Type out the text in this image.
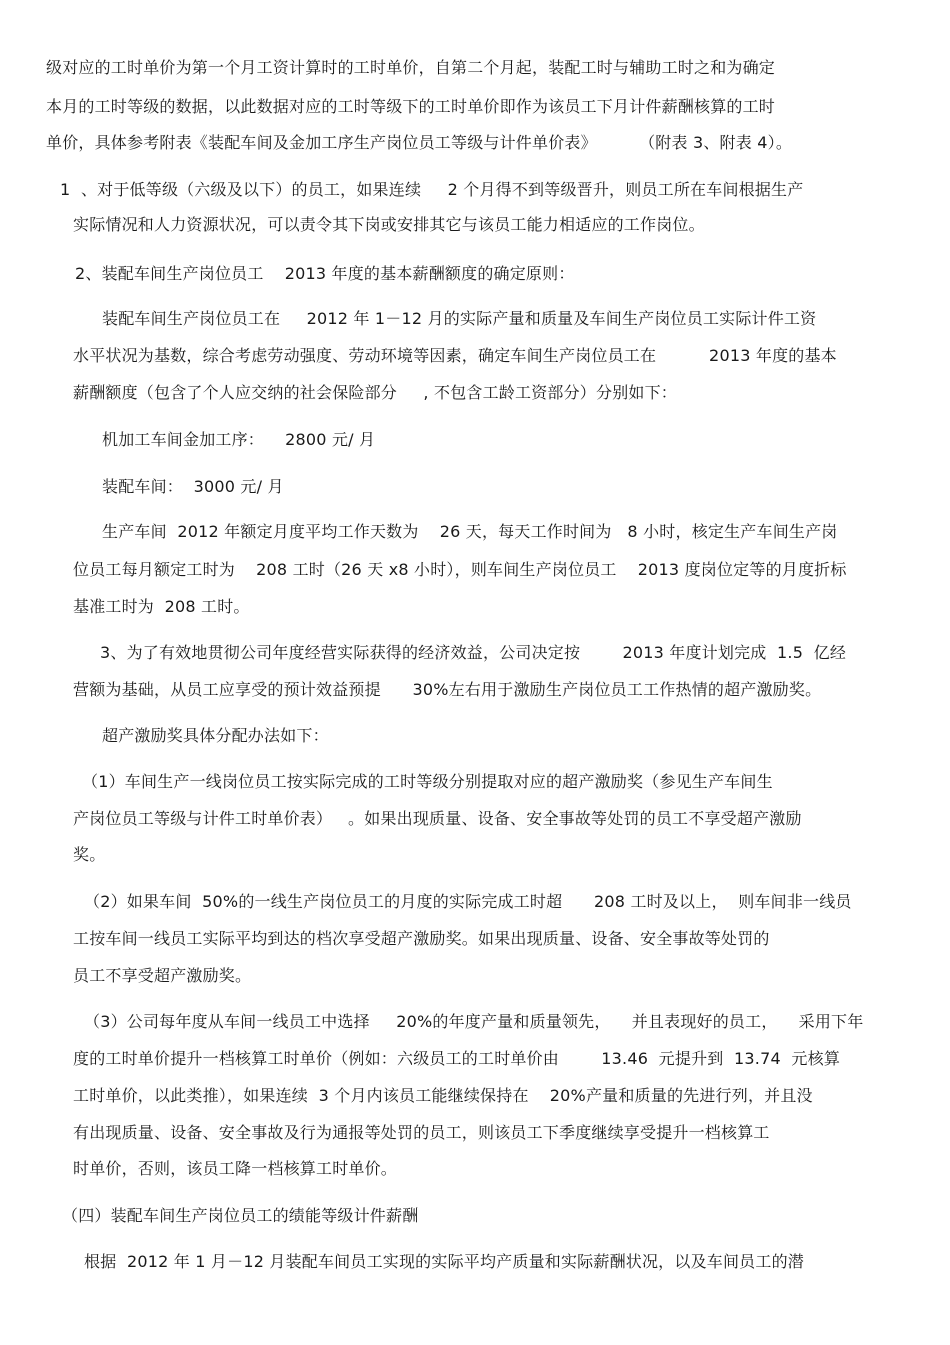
级对应的工时单价为第一个月工资计算时的工时单价，自第二个月起，装配工时与辅助工时之和为确定
本月的工时等级的数据，以此数据对应的工时等级下的工时单价即作为该员工下月计件薪酬核算的工时
单价，具体参考附表《装配车间及金加工序生产岗位员工等级与计件单价表》        （附表 3、附表 4）。
1  、对于低等级（六级及以下）的员工，如果连续     2 个月得不到等级晋升，则员工所在车间根据生产
实际情况和人力资源状况，可以责令其下岗或安排其它与该员工能力相适应的工作岗位。
2、装配车间生产岗位员工    2013 年度的基本薪酬额度的确定原则：
装配车间生产岗位员工在     2012 年 1－12 月的实际产量和质量及车间生产岗位员工实际计件工资
水平状况为基数，综合考虑劳动强度、劳动环境等因素，确定车间生产岗位员工在          2013 年度的基本
薪酬额度（包含了个人应交纳的社会保险部分     , 不包含工龄工资部分）分别如下：
机加工车间金加工序：    2800 元/ 月
装配车间：  3000 元/ 月
生产车间  2012 年额定月度平均工作天数为    26 天，每天工作时间为   8 小时，核定生产车间生产岗
位员工每月额定工时为    208 工时（26 天 x8 小时），则车间生产岗位员工    2013 度岗位定等的月度折标
基准工时为  208 工时。
3、为了有效地贯彻公司年度经营实际获得的经济效益，公司决定按        2013 年度计划完成  1.5  亿经
营额为基础，从员工应享受的预计效益预提      30%左右用于激励生产岗位员工工作热情的超产激励奖。
超产激励奖具体分配办法如下：
（1）车间生产一线岗位员工按实际完成的工时等级分别提取对应的超产激励奖（参见生产车间生
产岗位员工等级与计件工时单价表）   。如果出现质量、设备、安全事故等处罚的员工不享受超产激励
奖。
（2）如果车间  50%的一线生产岗位员工的月度的实际完成工时超      208 工时及以上，  则车间非一线员
工按车间一线员工实际平均到达的档次享受超产激励奖。如果出现质量、设备、安全事故等处罚的
员工不享受超产激励奖。
（3）公司每年度从车间一线员工中选择     20%的年度产量和质量领先，    并且表现好的员工，    采用下年
度的工时单价提升一档核算工时单价（例如：六级员工的工时单价由        13.46  元提升到  13.74  元核算
工时单价，以此类推），如果连续  3 个月内该员工能继续保持在    20%产量和质量的先进行列，并且没
有出现质量、设备、安全事故及行为通报等处罚的员工，则该员工下季度继续享受提升一档核算工
时单价，否则，该员工降一档核算工时单价。
（四）装配车间生产岗位员工的绩能等级计件薪酬
根据  2012 年 1 月－12 月装配车间员工实现的实际平均产质量和实际薪酬状况，以及车间员工的潜
